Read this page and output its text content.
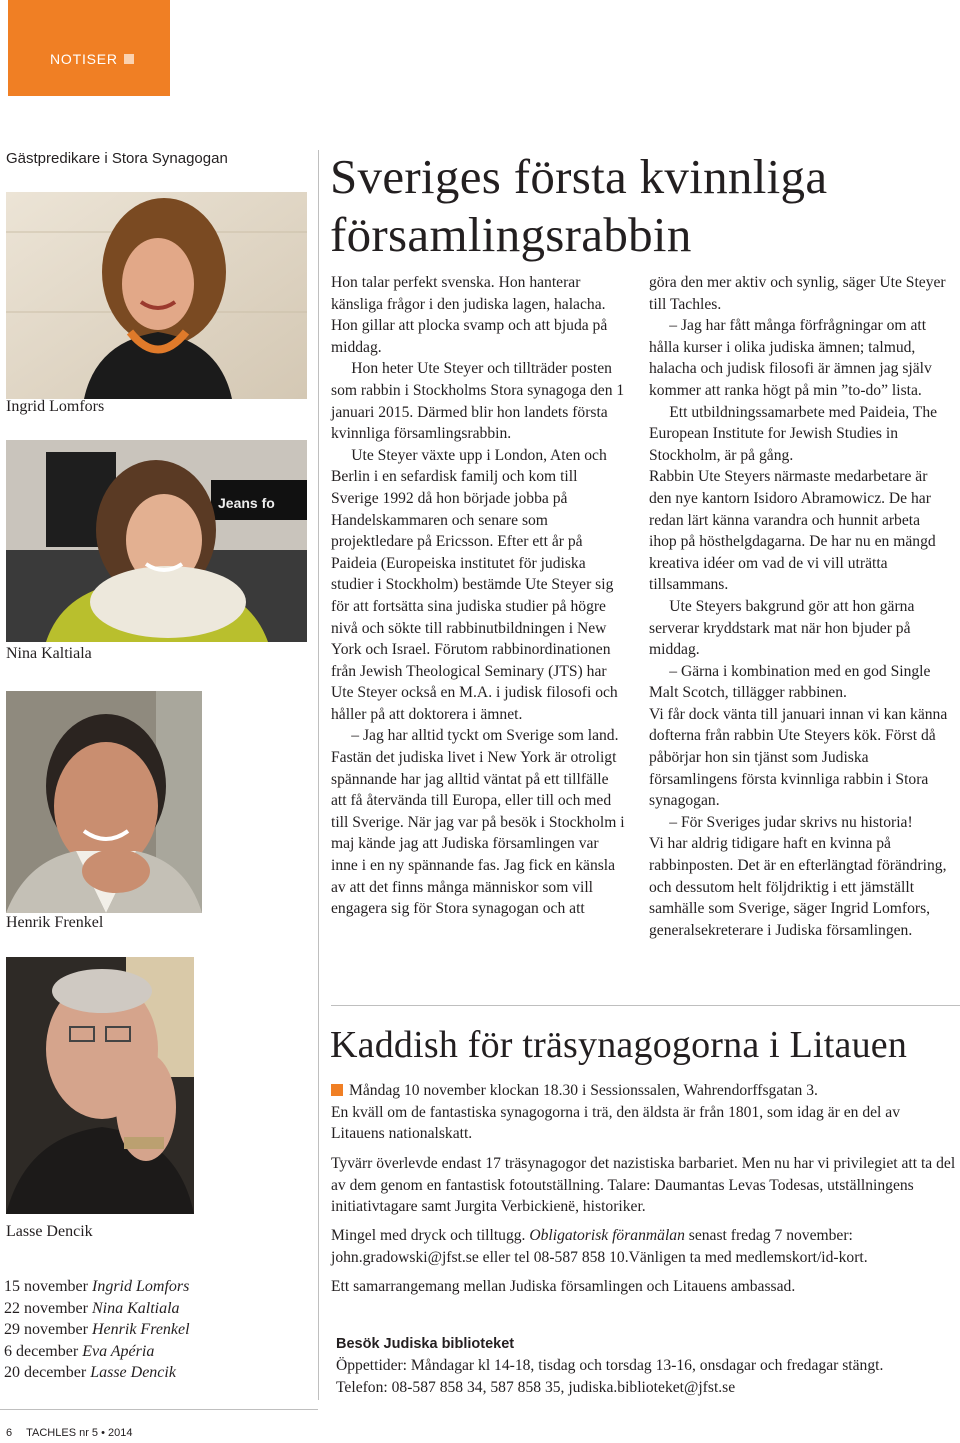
NOTISER
Gästpredikare i Stora Synagogan
Ingrid Lomfors
Jeans fo
Nina Kaltiala
Henrik Frenkel
Lasse Dencik
15 november Ingrid Lomfors
22 november Nina Kaltiala
29 november Henrik Frenkel
6 december Eva Apéria
20 december Lasse Dencik
Sveriges första kvinnliga
församlingsrabbin

Hon talar perfekt svenska. Hon hanterar känsliga frågor i den judiska lagen, halacha. Hon gillar att plocka svamp och att bjuda på middag.

Hon heter Ute Steyer och tillträder posten som rabbin i Stockholms Stora synagoga den 1 januari 2015. Därmed blir hon landets första kvinnliga församlingsrabbin.

Ute Steyer växte upp i London, Aten och Berlin i en sefardisk familj och kom till Sverige 1992 då hon började jobba på Handelskammaren och senare som projektledare på Ericsson. Efter ett år på Paideia (Europeiska institutet för judiska studier i Stockholm) bestämde Ute Steyer sig för att fortsätta sina judiska studier på högre nivå och sökte till rabbinutbildningen i New York och Israel. Förutom rabbinordinationen från Jewish Theological Seminary (JTS) har Ute Steyer också en M.A. i judisk filosofi och håller på att doktorera i ämnet.

– Jag har alltid tyckt om Sverige som land. Fastän det judiska livet i New York är otroligt spännande har jag alltid väntat på ett tillfälle att få återvända till Europa, eller till och med till Sverige. När jag var på besök i Stockholm i maj kände jag att Judiska församlingen var inne i en ny spännande fas. Jag fick en känsla av att det finns många människor som vill engagera sig för Stora synagogan och att

göra den mer aktiv och synlig, säger Ute Steyer till Tachles.

– Jag har fått många förfrågningar om att hålla kurser i olika judiska ämnen; talmud, halacha och judisk filosofi är ämnen jag själv kommer att ranka högt på min ”to-do” lista.

Ett utbildningssamarbete med Paideia, The European Institute for Jewish Studies in Stockholm, är på gång.

Rabbin Ute Steyers närmaste medarbetare är den nye kantorn Isidoro Abramowicz. De har redan lärt känna varandra och hunnit arbeta ihop på hösthelgdagarna. De har nu en mängd kreativa idéer om vad de vi vill uträtta tillsammans.

Ute Steyers bakgrund gör att hon gärna serverar kryddstark mat när hon bjuder på middag.

– Gärna i kombination med en god Single Malt Scotch, tillägger rabbinen.

Vi får dock vänta till januari innan vi kan känna dofterna från rabbin Ute Steyers kök. Först då påbörjar hon sin tjänst som Judiska församlingens första kvinnliga rabbin i Stora synagogan.

– För Sveriges judar skrivs nu historia!

Vi har aldrig tidigare haft en kvinna på rabbinposten. Det är en efterlängtad förändring, och dessutom helt följdriktig i ett jämställt samhälle som Sverige, säger Ingrid Lomfors, generalsekreterare i Judiska församlingen.

Kaddish för träsynagogorna i Litauen

Måndag 10 november klockan 18.30 i Sessionssalen, Wahrendorffsgatan 3.

En kväll om de fantastiska synagogorna i trä, den äldsta är från 1801, som idag är en del av Litauens nationalskatt.

Tyvärr överlevde endast 17 träsynagogor det nazistiska barbariet. Men nu har vi privilegiet att ta del av dem genom en fantastisk fotoutställning. Talare: Daumantas Levas Todesas, utställningens initiativtagare samt Jurgita Verbickienë, historiker.
Mingel med dryck och tilltugg. Obligatorisk föranmälan senast fredag 7 november: john.gradowski@jfst.se eller tel 08-587 858 10.Vänligen ta med medlemskort/id-kort.
Ett samarrangemang mellan Judiska församlingen och Litauens ambassad.
Besök Judiska biblioteket
Öppettider: Måndagar kl 14-18, tisdag och torsdag 13-16, onsdagar och fredagar stängt.
Telefon: 08-587 858 34, 587 858 35, judiska.biblioteket@jfst.se
6 TACHLES nr 5 • 2014
